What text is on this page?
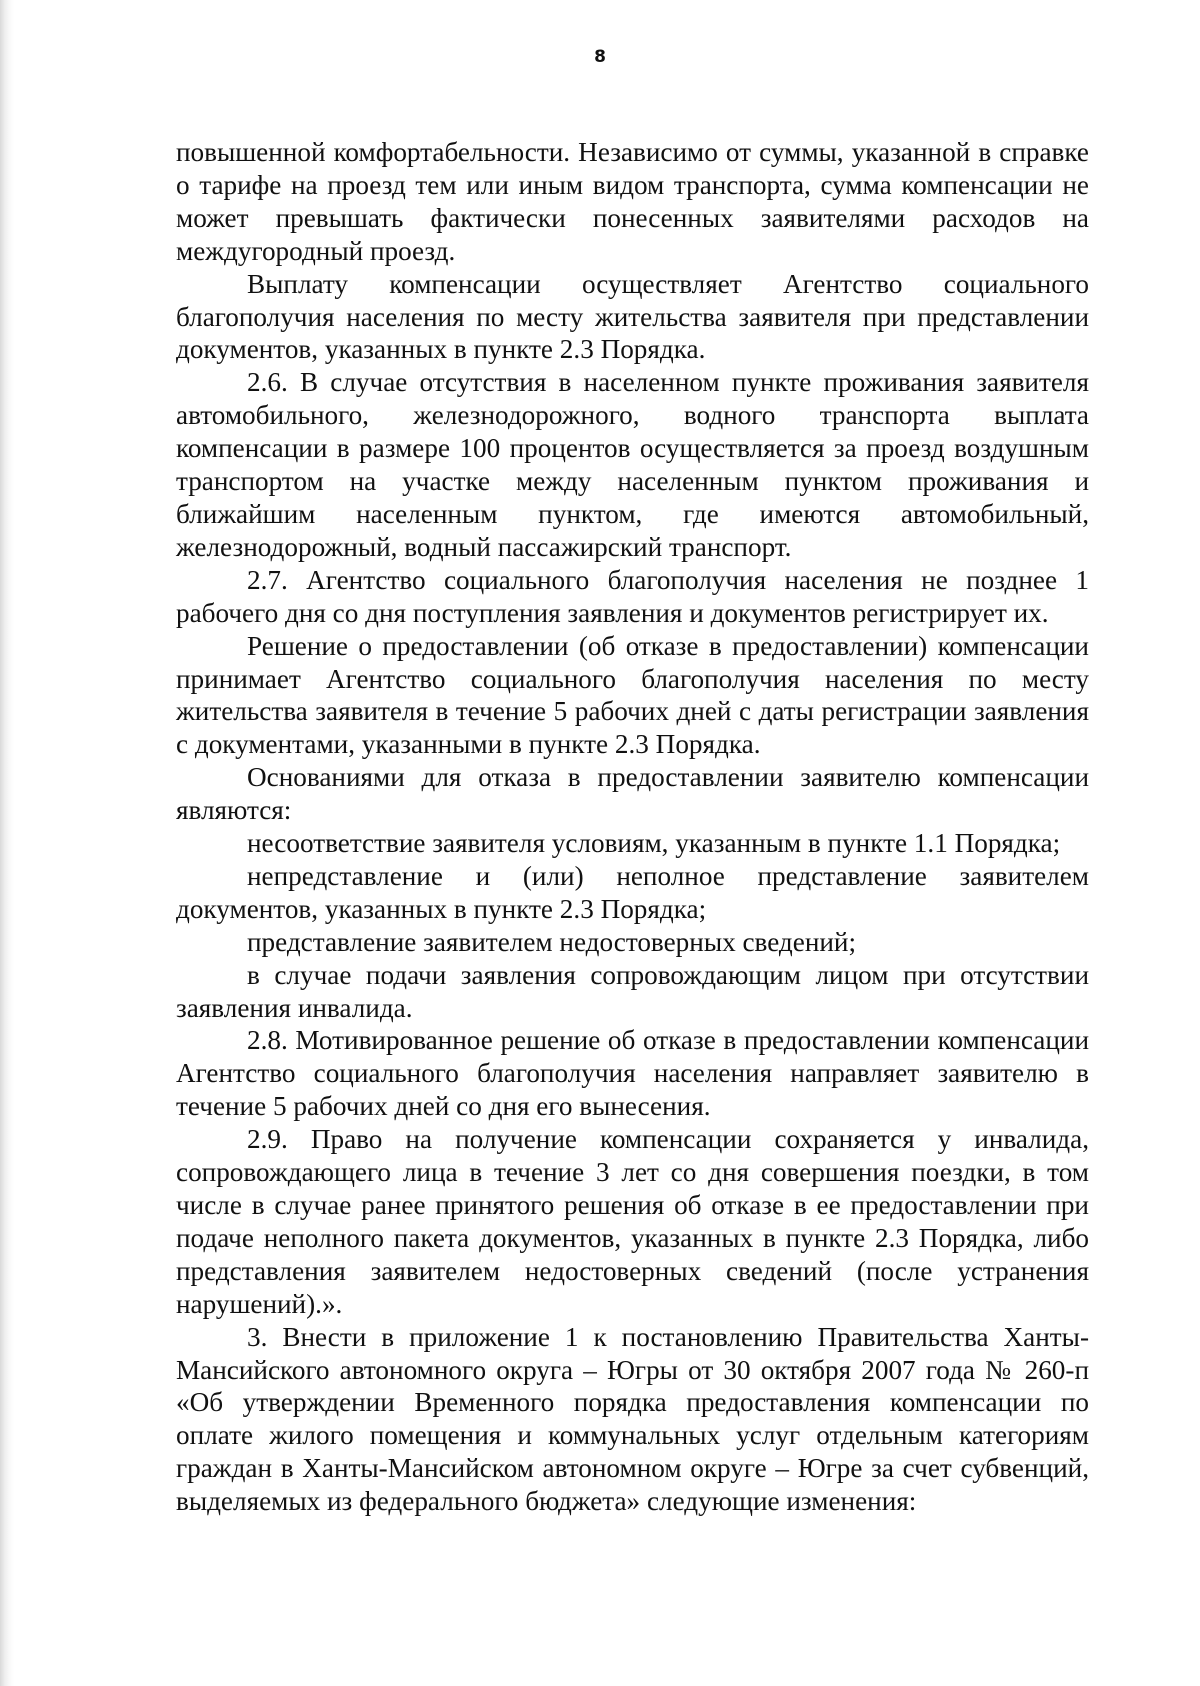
8

повышенной комфортабельности. Независимо от суммы, указанной в справке о тарифе на проезд тем или иным видом транспорта, сумма компенсации не может превышать фактически понесенных заявителями расходов на междугородный проезд.

Выплату компенсации осуществляет Агентство социального благополучия населения по месту жительства заявителя при представлении документов, указанных в пункте 2.3 Порядка.

2.6. В случае отсутствия в населенном пункте проживания заявителя автомобильного, железнодорожного, водного транспорта выплата компенсации в размере 100 процентов осуществляется за проезд воздушным транспортом на участке между населенным пунктом проживания и ближайшим населенным пунктом, где имеются автомобильный, железнодорожный, водный пассажирский транспорт.

2.7. Агентство социального благополучия населения не позднее 1 рабочего дня со дня поступления заявления и документов регистрирует их.

Решение о предоставлении (об отказе в предоставлении) компенсации принимает Агентство социального благополучия населения по месту жительства заявителя в течение 5 рабочих дней с даты регистрации заявления с документами, указанными в пункте 2.3 Порядка.

Основаниями для отказа в предоставлении заявителю компенсации являются:

несоответствие заявителя условиям, указанным в пункте 1.1 Порядка;

непредставление и (или) неполное представление заявителем документов, указанных в пункте 2.3 Порядка;

представление заявителем недостоверных сведений;

в случае подачи заявления сопровождающим лицом при отсутствии заявления инвалида.

2.8. Мотивированное решение об отказе в предоставлении компенсации Агентство социального благополучия населения направляет заявителю в течение 5 рабочих дней со дня его вынесения.

2.9. Право на получение компенсации сохраняется у инвалида, сопровождающего лица в течение 3 лет со дня совершения поездки, в том числе в случае ранее принятого решения об отказе в ее предоставлении при подаче неполного пакета документов, указанных в пункте 2.3 Порядка, либо представления заявителем недостоверных сведений (после устранения нарушений).».

3. Внести в приложение 1 к постановлению Правительства Ханты-Мансийского автономного округа – Югры от 30 октября 2007 года № 260-п «Об утверждении Временного порядка предоставления компенсации по оплате жилого помещения и коммунальных услуг отдельным категориям граждан в Ханты-Мансийском автономном округе – Югре за счет субвенций, выделяемых из федерального бюджета» следующие изменения:
